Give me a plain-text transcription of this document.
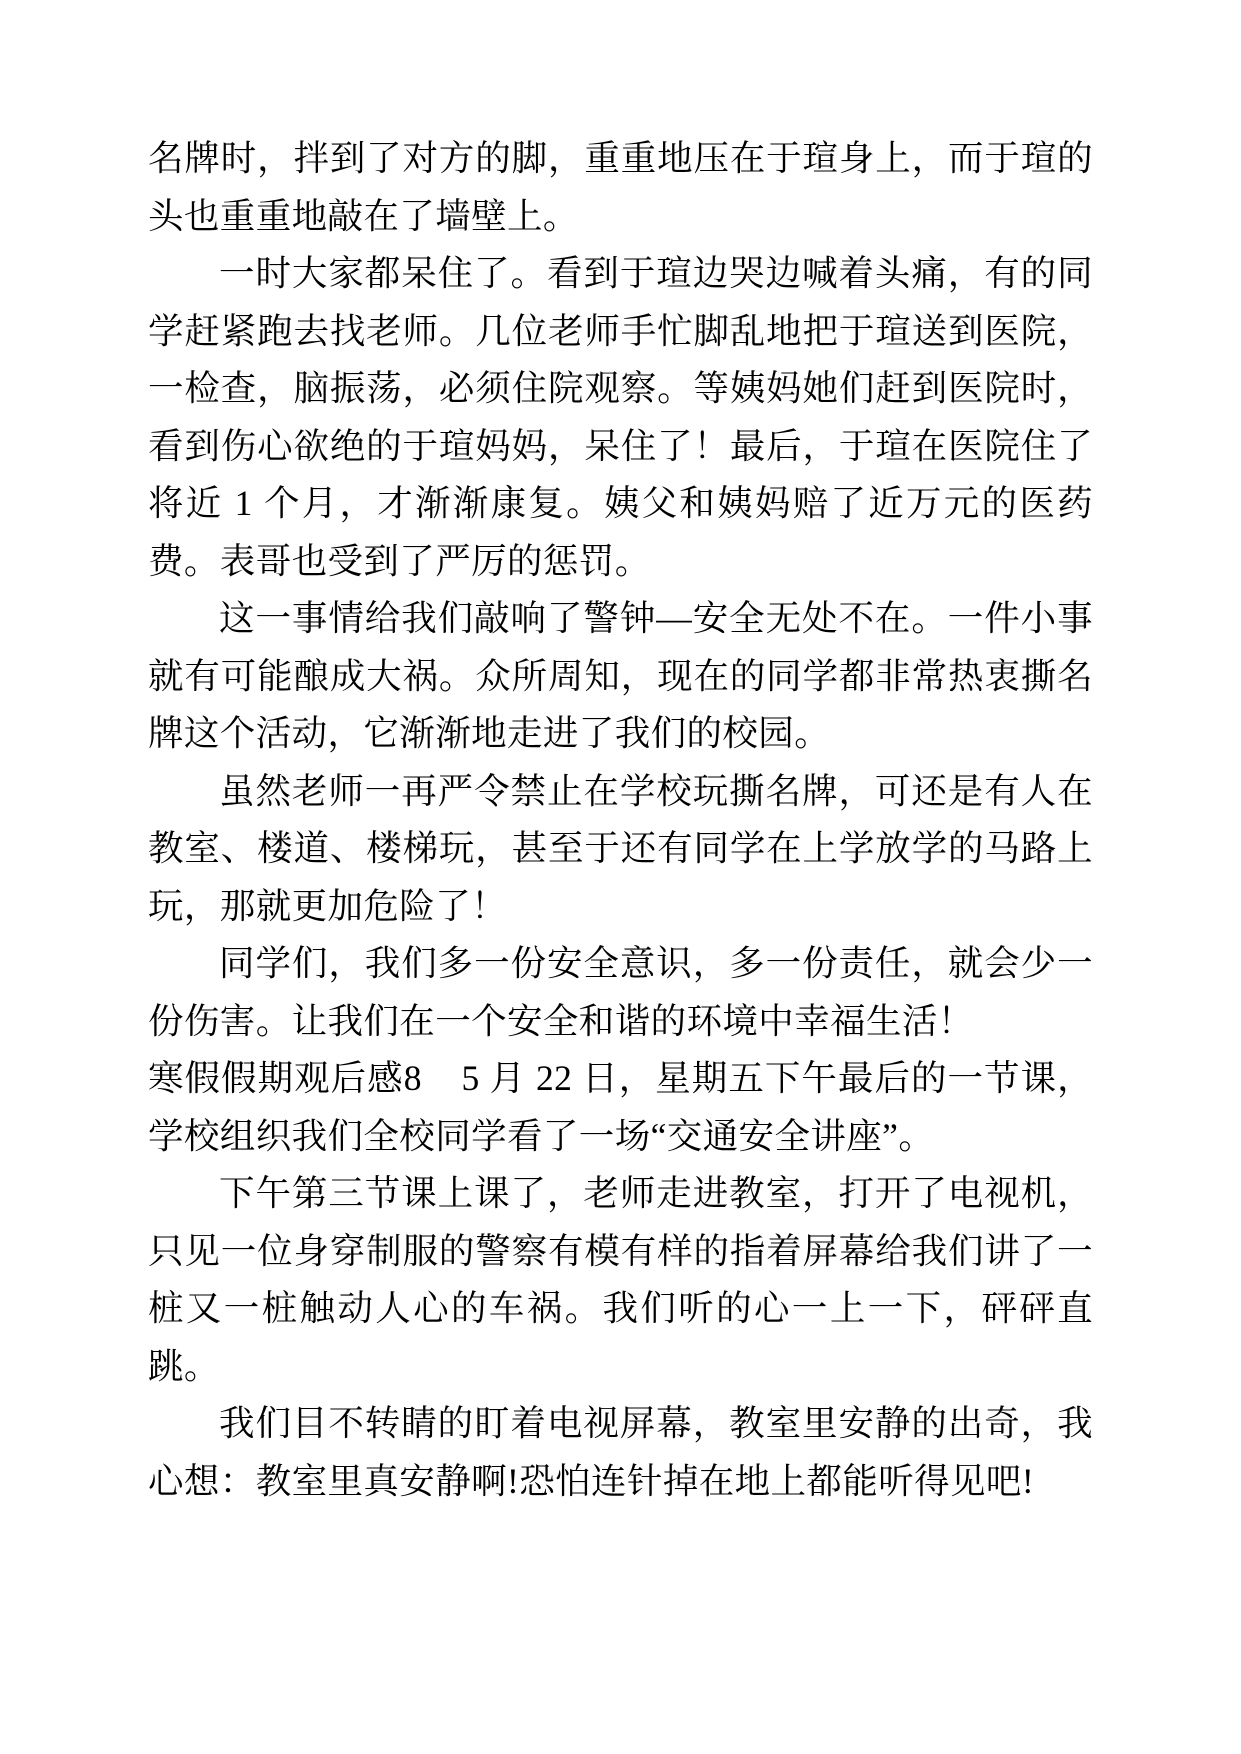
名牌时，拌到了对方的脚，重重地压在于瑄身上，而于瑄的头也重重地敲在了墙壁上。

一时大家都呆住了。看到于瑄边哭边喊着头痛，有的同学赶紧跑去找老师。几位老师手忙脚乱地把于瑄送到医院，一检查，脑振荡，必须住院观察。等姨妈她们赶到医院时，看到伤心欲绝的于瑄妈妈，呆住了！最后，于瑄在医院住了将近 1 个月，才渐渐康复。姨父和姨妈赔了近万元的医药费。表哥也受到了严厉的惩罚。

这一事情给我们敲响了警钟—安全无处不在。一件小事就有可能酿成大祸。众所周知，现在的同学都非常热衷撕名牌这个活动，它渐渐地走进了我们的校园。

虽然老师一再严令禁止在学校玩撕名牌，可还是有人在教室、楼道、楼梯玩，甚至于还有同学在上学放学的马路上玩，那就更加危险了！

同学们，我们多一份安全意识，多一份责任，就会少一份伤害。让我们在一个安全和谐的环境中幸福生活！

寒假假期观后感8    5 月 22 日，星期五下午最后的一节课，学校组织我们全校同学看了一场“交通安全讲座”。

下午第三节课上课了，老师走进教室，打开了电视机，只见一位身穿制服的警察有模有样的指着屏幕给我们讲了一桩又一桩触动人心的车祸。我们听的心一上一下，砰砰直跳。

我们目不转睛的盯着电视屏幕，教室里安静的出奇，我心想：教室里真安静啊!恐怕连针掉在地上都能听得见吧!
